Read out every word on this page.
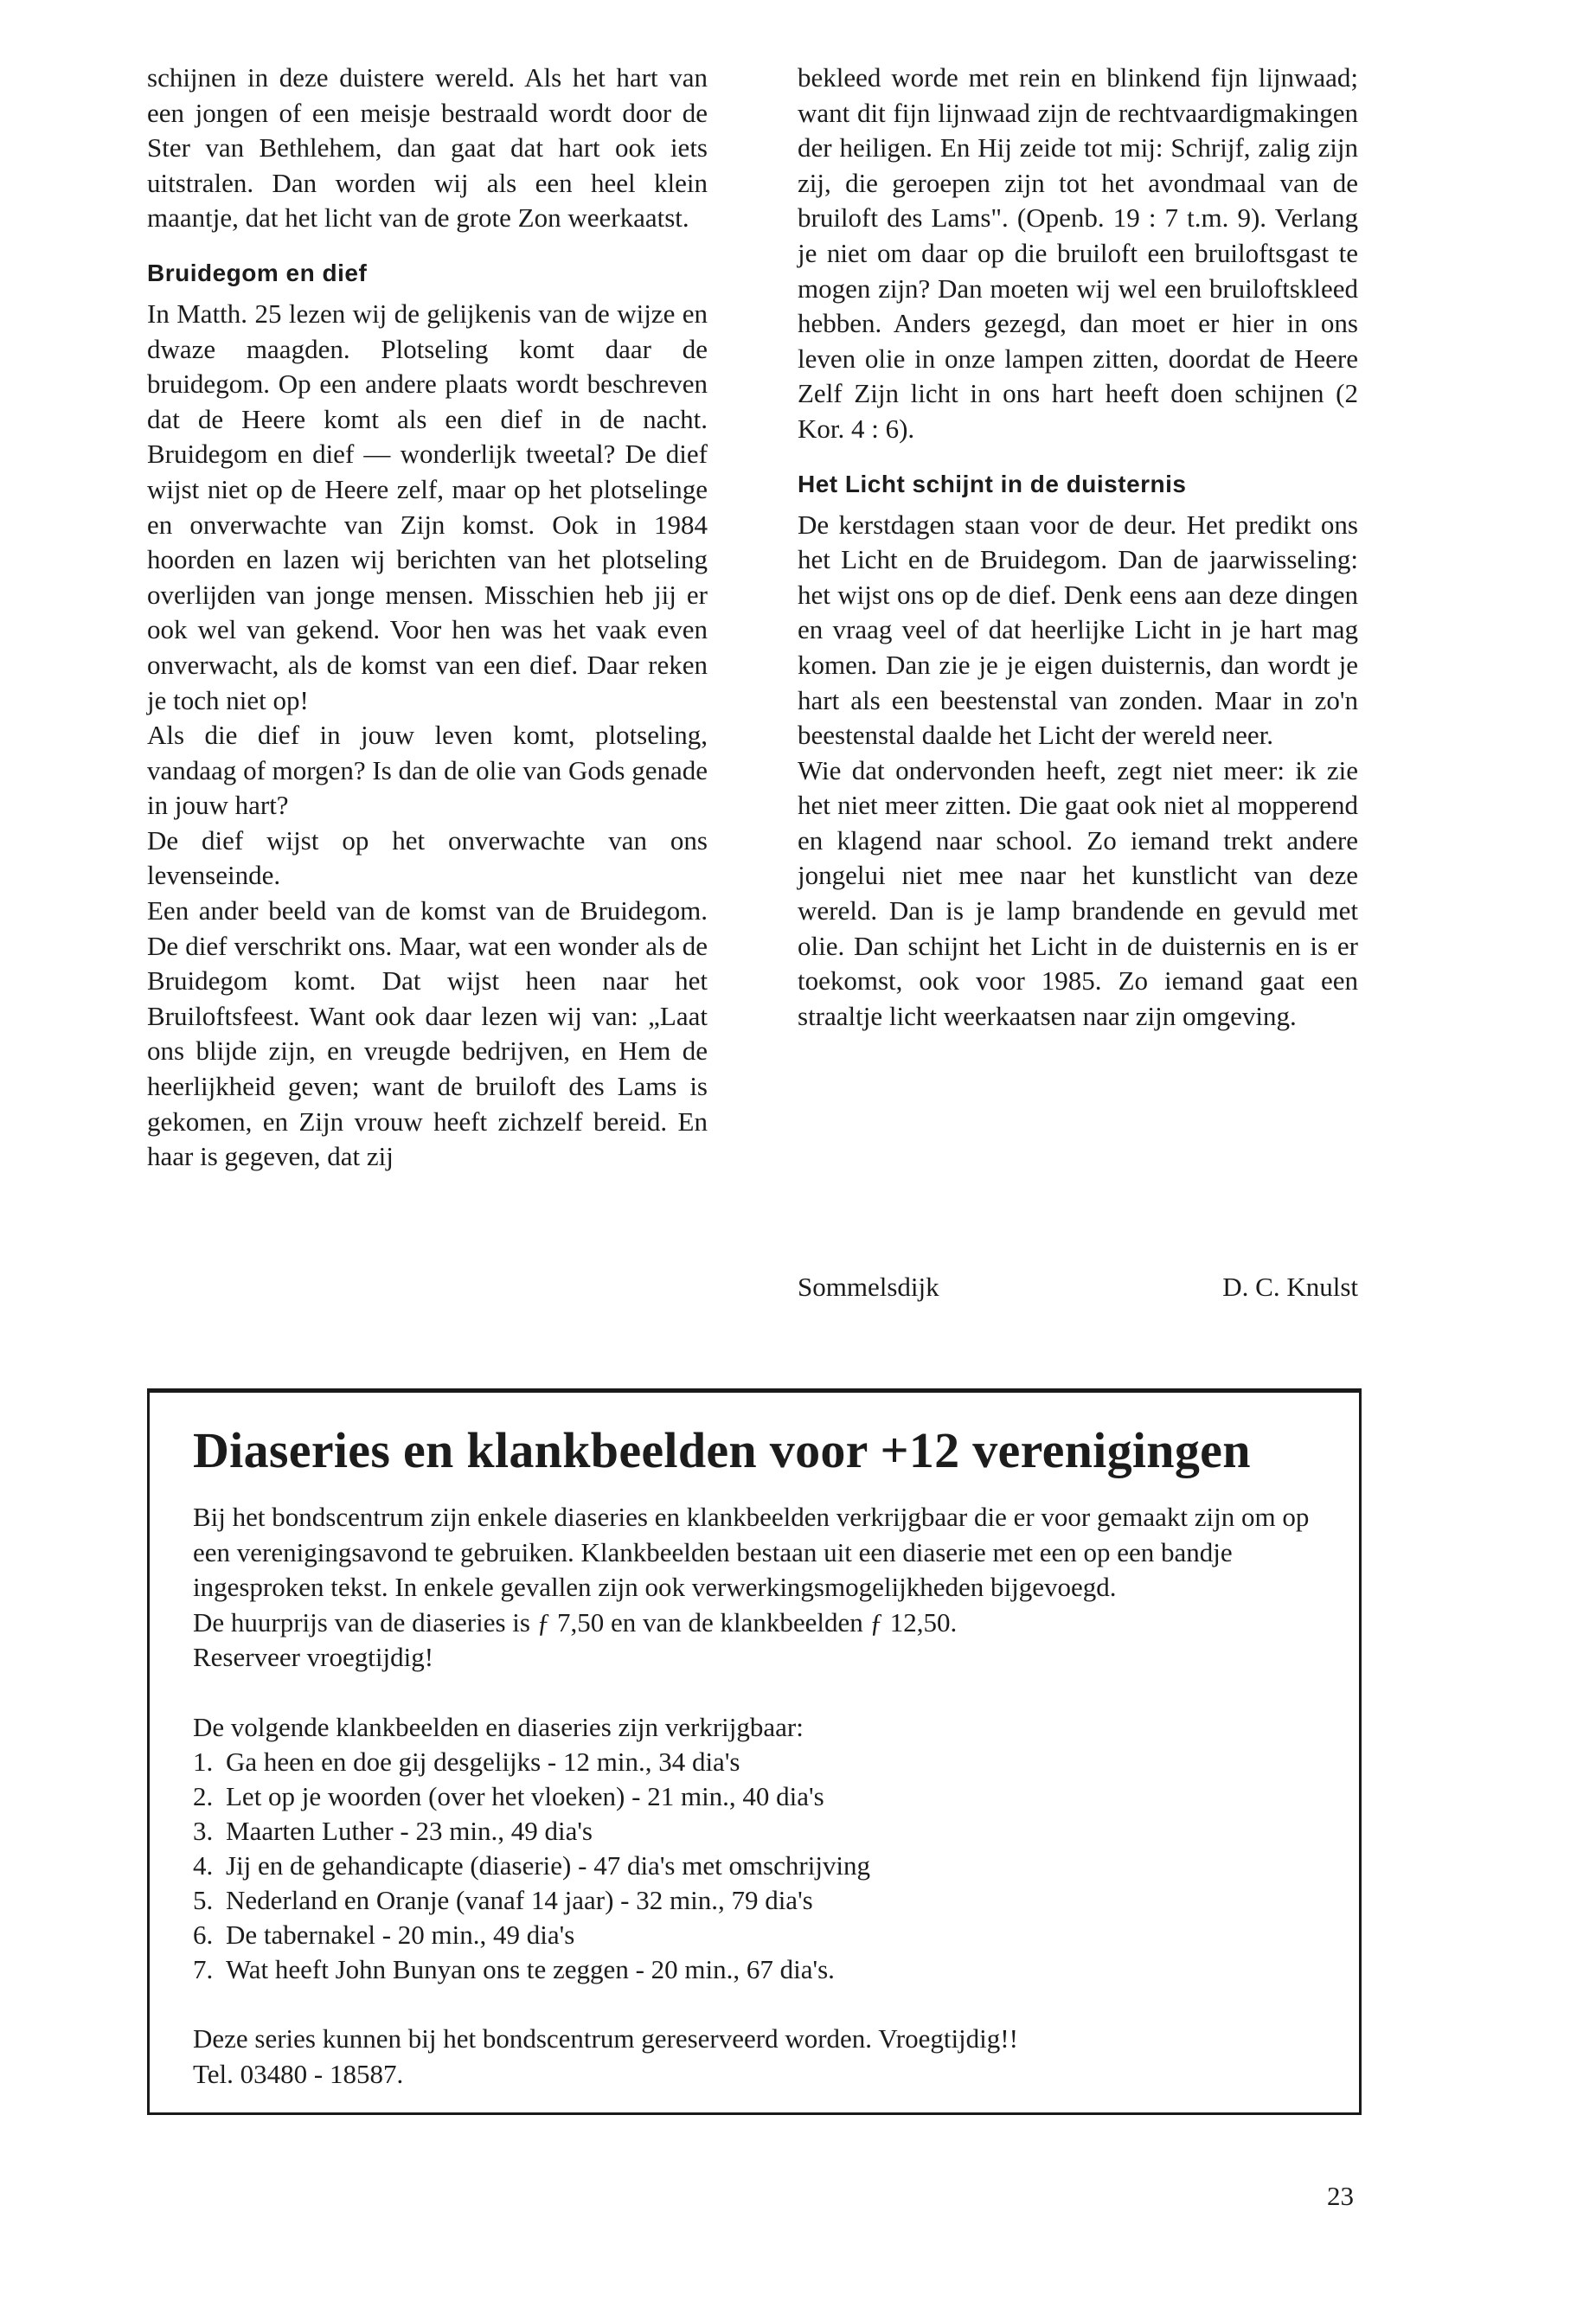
schijnen in deze duistere wereld. Als het hart van een jongen of een meisje bestraald wordt door de Ster van Bethlehem, dan gaat dat hart ook iets uitstralen. Dan worden wij als een heel klein maantje, dat het licht van de grote Zon weerkaatst.

Bruidegom en dief

In Matth. 25 lezen wij de gelijkenis van de wijze en dwaze maagden. Plotseling komt daar de bruidegom. Op een andere plaats wordt beschreven dat de Heere komt als een dief in de nacht. Bruidegom en dief — wonderlijk tweetal? De dief wijst niet op de Heere zelf, maar op het plotselinge en onverwachte van Zijn komst. Ook in 1984 hoorden en lazen wij berichten van het plotseling overlijden van jonge mensen. Misschien heb jij er ook wel van gekend. Voor hen was het vaak even onverwacht, als de komst van een dief. Daar reken je toch niet op!

Als die dief in jouw leven komt, plotseling, vandaag of morgen? Is dan de olie van Gods genade in jouw hart?

De dief wijst op het onverwachte van ons levenseinde.

Een ander beeld van de komst van de Bruidegom. De dief verschrikt ons. Maar, wat een wonder als de Bruidegom komt. Dat wijst heen naar het Bruiloftsfeest. Want ook daar lezen wij van: „Laat ons blijde zijn, en vreugde bedrijven, en Hem de heerlijkheid geven; want de bruiloft des Lams is gekomen, en Zijn vrouw heeft zichzelf bereid. En haar is gegeven, dat zij

bekleed worde met rein en blinkend fijn lijnwaad; want dit fijn lijnwaad zijn de rechtvaardigmakingen der heiligen. En Hij zeide tot mij: Schrijf, zalig zijn zij, die geroepen zijn tot het avondmaal van de bruiloft des Lams". (Openb. 19 : 7 t.m. 9). Verlang je niet om daar op die bruiloft een bruiloftsgast te mogen zijn? Dan moeten wij wel een bruiloftskleed hebben. Anders gezegd, dan moet er hier in ons leven olie in onze lampen zitten, doordat de Heere Zelf Zijn licht in ons hart heeft doen schijnen (2 Kor. 4 : 6).

Het Licht schijnt in de duisternis

De kerstdagen staan voor de deur. Het predikt ons het Licht en de Bruidegom. Dan de jaarwisseling: het wijst ons op de dief. Denk eens aan deze dingen en vraag veel of dat heerlijke Licht in je hart mag komen. Dan zie je je eigen duisternis, dan wordt je hart als een beestenstal van zonden. Maar in zo'n beestenstal daalde het Licht der wereld neer.

Wie dat ondervonden heeft, zegt niet meer: ik zie het niet meer zitten. Die gaat ook niet al mopperend en klagend naar school. Zo iemand trekt andere jongelui niet mee naar het kunstlicht van deze wereld. Dan is je lamp brandende en gevuld met olie. Dan schijnt het Licht in de duisternis en is er toekomst, ook voor 1985. Zo iemand gaat een straaltje licht weerkaatsen naar zijn omgeving.

Sommelsdijk	D. C. Knulst
Diaseries en klankbeelden voor +12 verenigingen

Bij het bondscentrum zijn enkele diaseries en klankbeelden verkrijgbaar die er voor gemaakt zijn om op een verenigingsavond te gebruiken. Klankbeelden bestaan uit een diaserie met een op een bandje ingesproken tekst. In enkele gevallen zijn ook verwerkingsmogelijkheden bijgevoegd.

De huurprijs van de diaseries is ƒ 7,50 en van de klankbeelden ƒ 12,50.

Reserveer vroegtijdig!

De volgende klankbeelden en diaseries zijn verkrijgbaar:

1. Ga heen en doe gij desgelijks - 12 min., 34 dia's
2. Let op je woorden (over het vloeken) - 21 min., 40 dia's
3. Maarten Luther - 23 min., 49 dia's
4. Jij en de gehandicapte (diaserie) - 47 dia's met omschrijving
5. Nederland en Oranje (vanaf 14 jaar) - 32 min., 79 dia's
6. De tabernakel - 20 min., 49 dia's
7. Wat heeft John Bunyan ons te zeggen - 20 min., 67 dia's.

Deze series kunnen bij het bondscentrum gereserveerd worden. Vroegtijdig!!

Tel. 03480 - 18587.

23
